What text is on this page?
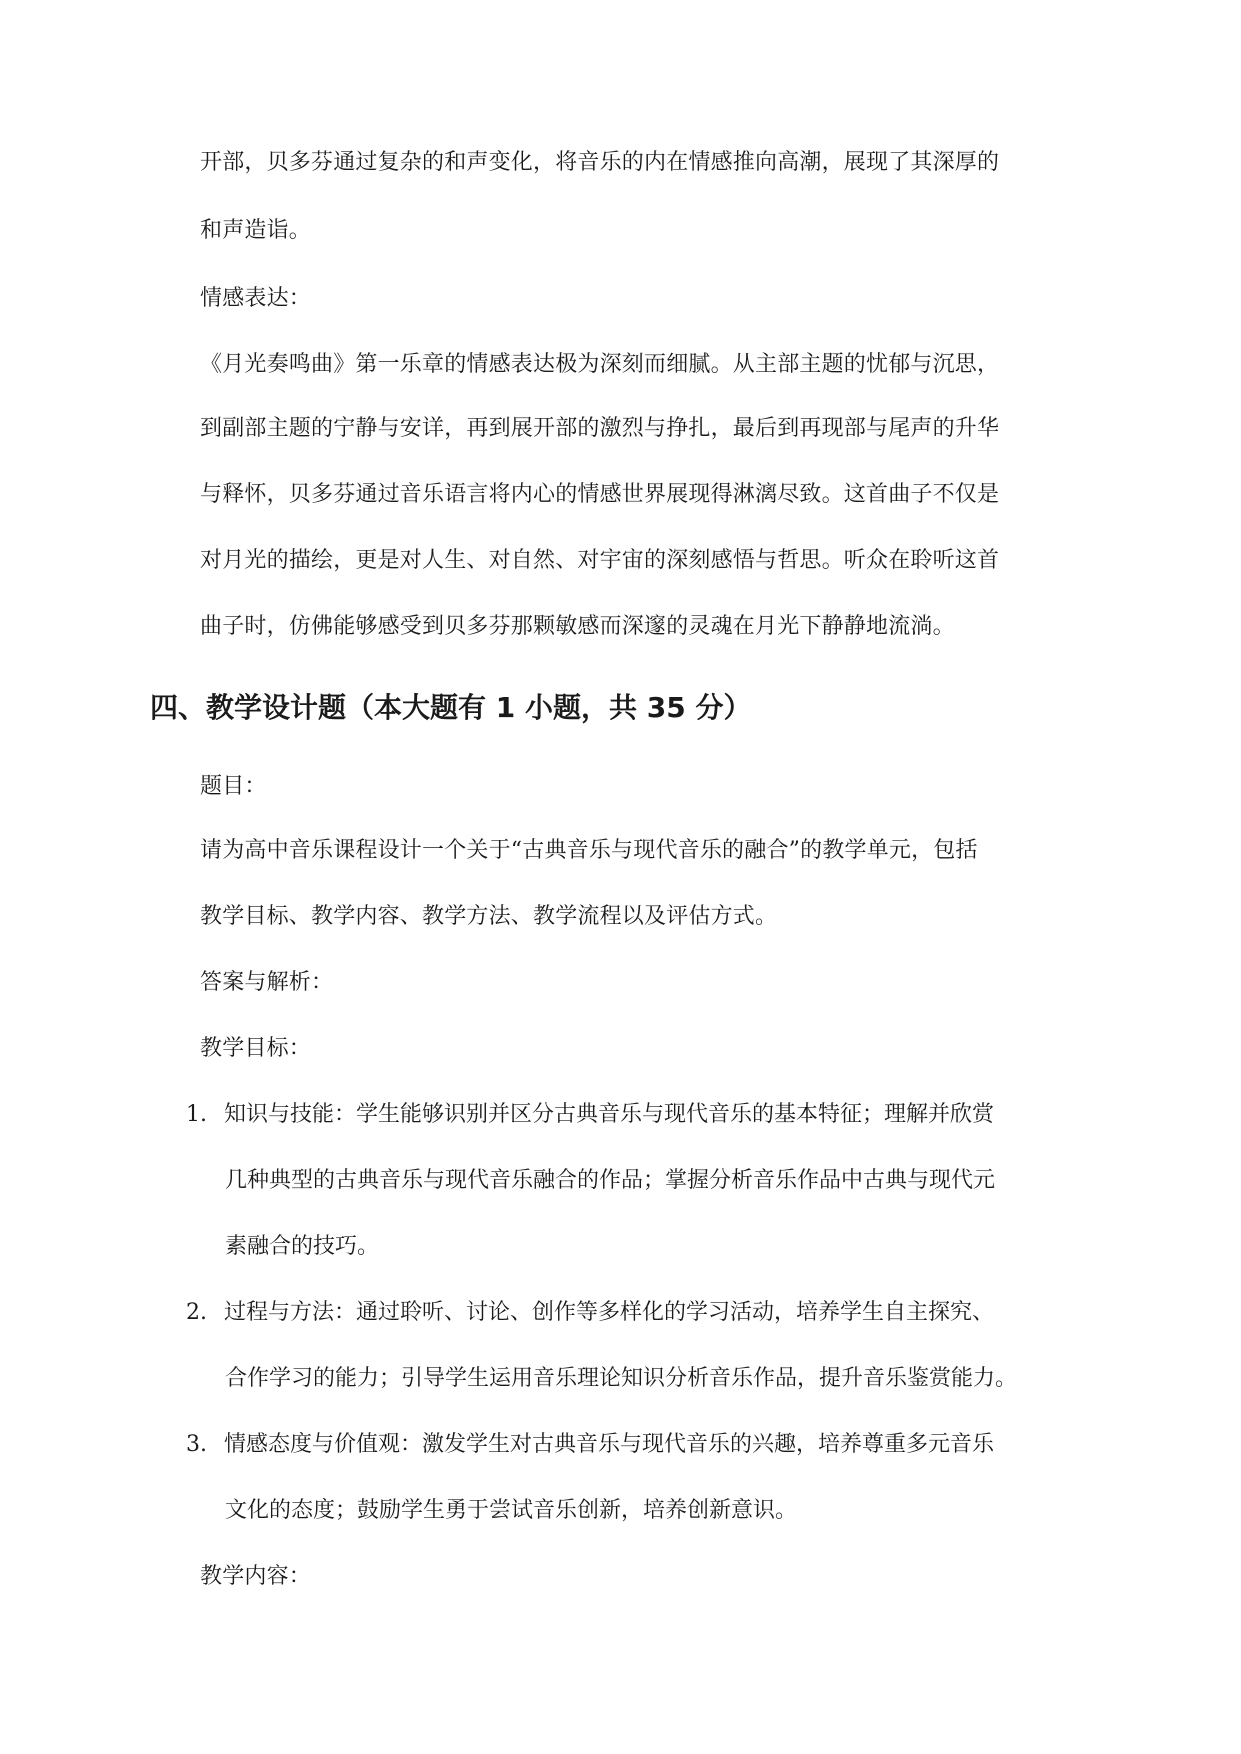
开部，贝多芬通过复杂的和声变化，将音乐的内在情感推向高潮，展现了其深厚的
和声造诣。
情感表达：
《月光奏鸣曲》第一乐章的情感表达极为深刻而细腻。从主部主题的忧郁与沉思，
到副部主题的宁静与安详，再到展开部的激烈与挣扎，最后到再现部与尾声的升华
与释怀，贝多芬通过音乐语言将内心的情感世界展现得淋漓尽致。这首曲子不仅是
对月光的描绘，更是对人生、对自然、对宇宙的深刻感悟与哲思。听众在聆听这首
曲子时，仿佛能够感受到贝多芬那颗敏感而深邃的灵魂在月光下静静地流淌。
四、教学设计题（本大题有 1 小题，共 35 分）
题目：
请为高中音乐课程设计一个关于“古典音乐与现代音乐的融合”的教学单元，包括
教学目标、教学内容、教学方法、教学流程以及评估方式。
答案与解析：
教学目标：
1. 知识与技能：学生能够识别并区分古典音乐与现代音乐的基本特征；理解并欣赏
几种典型的古典音乐与现代音乐融合的作品；掌握分析音乐作品中古典与现代元
素融合的技巧。
2. 过程与方法：通过聆听、讨论、创作等多样化的学习活动，培养学生自主探究、
合作学习的能力；引导学生运用音乐理论知识分析音乐作品，提升音乐鉴赏能力。
3. 情感态度与价值观：激发学生对古典音乐与现代音乐的兴趣，培养尊重多元音乐
文化的态度；鼓励学生勇于尝试音乐创新，培养创新意识。
教学内容：
